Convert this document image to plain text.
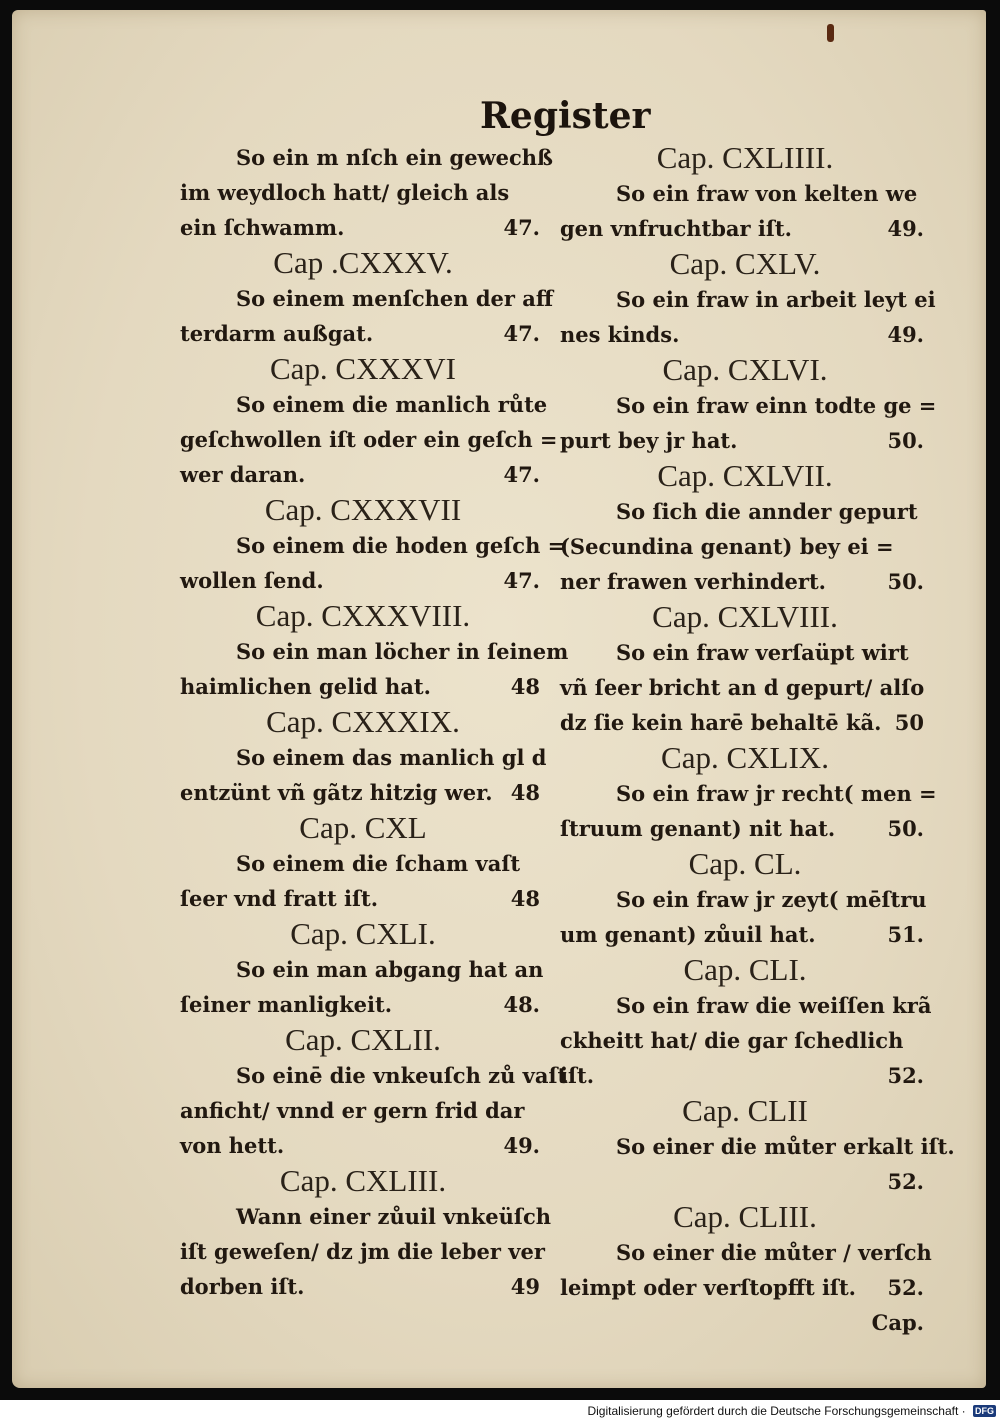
Register
So ein m nſch ein gewechß
im weydloch hatt/ gleich als
ein ſchwamm.	47.
Cap .CXXXV.
So einem menſchen der aff
terdarm außgat.	47.
Cap. CXXXVI
So einem die manlich růte
geſchwollen iſt oder ein geſch =
wer daran.	47.
Cap. CXXXVII
So einem die hoden geſch =
wollen ſend.	47.
Cap. CXXXVIII.
So ein man löcher in ſeinem
haimlichen gelid hat.	48
Cap. CXXXIX.
So einem das manlich gl d
entzünt vñ gãtz hitzig wer. 48
Cap. CXL
So einem die ſcham vaſt
ſeer vnd fratt iſt.	48
Cap. CXLI.
So ein man abgang hat an
ſeiner manligkeit.	48.
Cap. CXLII.
So einē die vnkeuſch zů vaſt
anficht/ vnnd er gern frid dar
von hett.	49.
Cap. CXLIII.
Wann einer zůuil vnkeüſch
iſt geweſen/ dz jm die leber ver
dorben iſt.	49
Cap. CXLIIII.
So ein fraw von kelten we
gen vnfruchtbar iſt.	49.
Cap. CXLV.
So ein fraw in arbeit leyt ei
nes kinds.	49.
Cap. CXLVI.
So ein fraw einn todte ge =
purt bey jr hat.	50.
Cap. CXLVII.
So ſich die annder gepurt
(Secundina genant) bey ei =
ner frawen verhindert.	50.
Cap. CXLVIII.
So ein fraw verſaüpt wirt
vñ ſeer bricht an d gepurt/ alſo
dz ſie kein harē behaltē kã. 50
Cap. CXLIX.
So ein fraw jr recht( men =
ſtruum genant) nit hat. 50.
Cap. CL.
So ein fraw jr zeyt( mēſtru
um genant) zůuil hat.	51.
Cap. CLI.
So ein fraw die weiſſen krã
ckheitt hat/ die gar ſchedlich
iſt.	52.
Cap. CLII
So einer die můter erkalt iſt.
52.
Cap. CLIII.
So einer die můter / verſch
leimpt oder verſtopfft iſt. 52.
Cap.
Digitalisierung gefördert durch die Deutsche Forschungsgemeinschaft · DFG
